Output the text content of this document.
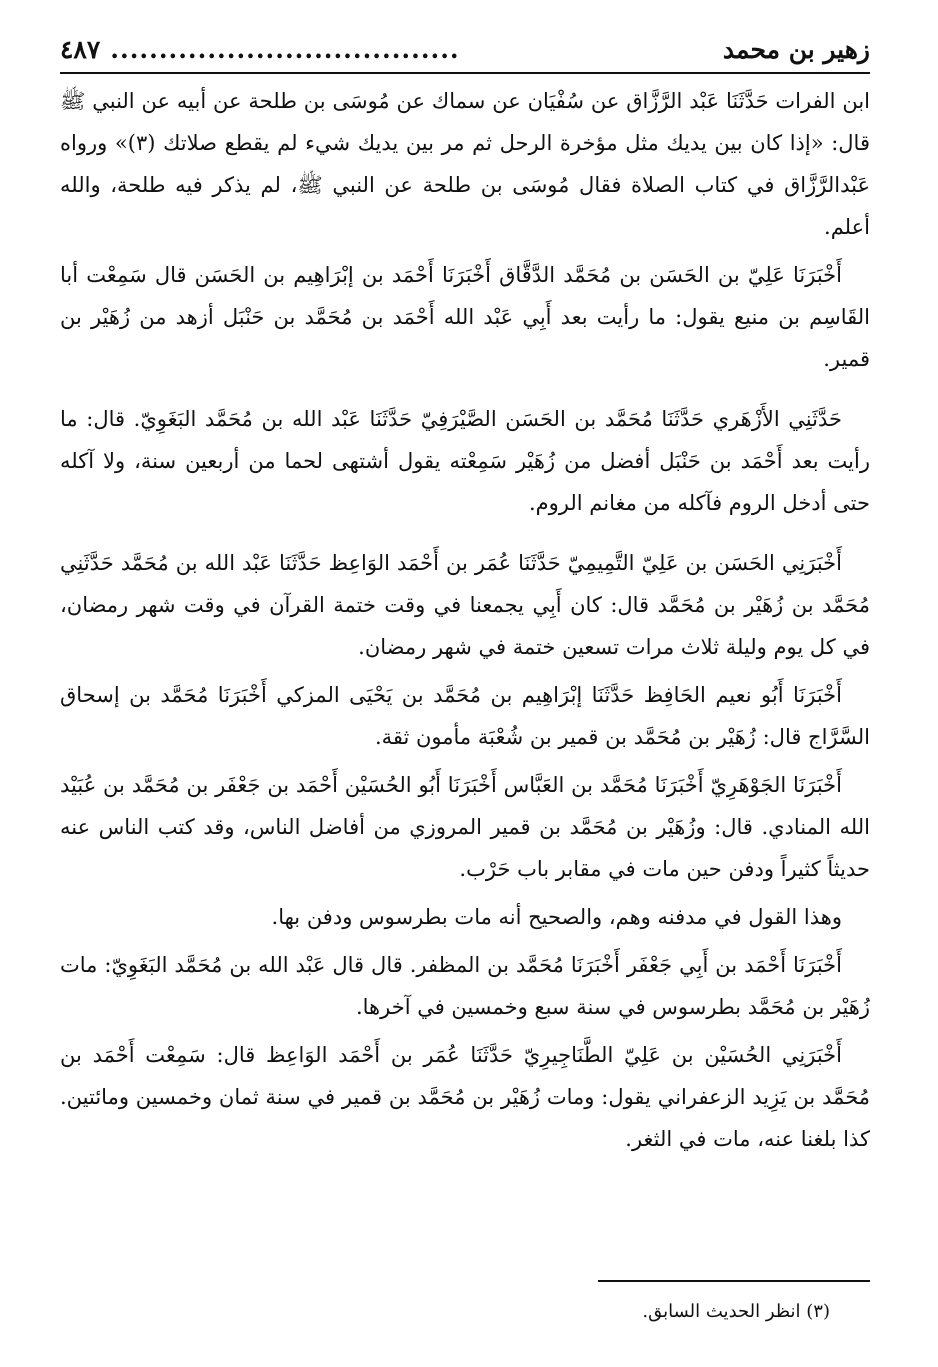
زهير بن محمد
....................................
٤٨٧

ابن الفرات حَدَّثَنَا عَبْد الرَّزَّاق عن سُفْيَان عن سماك عن مُوسَى بن طلحة عن أبيه عن النبي ﷺ قال: «إذا كان بين يديك مثل مؤخرة الرحل ثم مر بين يديك شيء لم يقطع صلاتك (٣)» ورواه عَبْدالرَّزَّاق في كتاب الصلاة فقال مُوسَى بن طلحة عن النبي ﷺ، لم يذكر فيه طلحة، والله أعلم.

أَخْبَرَنَا عَلِيّ بن الحَسَن بن مُحَمَّد الدَّقَّاق أَخْبَرَنَا أَحْمَد بن إبْرَاهِيم بن الحَسَن قال سَمِعْت أبا القَاسِم بن منيع يقول: ما رأيت بعد أَبِي عَبْد الله أَحْمَد بن مُحَمَّد بن حَنْبَل أزهد من زُهَيْر بن قمير.

حَدَّثَنِي الأَزْهَري حَدَّثَنَا مُحَمَّد بن الحَسَن الصَّيْرَفِيّ حَدَّثَنَا عَبْد الله بن مُحَمَّد البَغَوِيّ. قال: ما رأيت بعد أَحْمَد بن حَنْبَل أفضل من زُهَيْر سَمِعْته يقول أشتهى لحما من أربعين سنة، ولا آكله حتى أدخل الروم فآكله من مغانم الروم.

أَخْبَرَنِي الحَسَن بن عَلِيّ التَّمِيمِيّ حَدَّثَنَا عُمَر بن أَحْمَد الوَاعِظ حَدَّثَنَا عَبْد الله بن مُحَمَّد حَدَّثَنِي مُحَمَّد بن زُهَيْر بن مُحَمَّد قال: كان أَبِي يجمعنا في وقت ختمة القرآن في وقت شهر رمضان، في كل يوم وليلة ثلاث مرات تسعين ختمة في شهر رمضان.

أَخْبَرَنَا أَبُو نعيم الحَافِظ حَدَّثَنَا إبْرَاهِيم بن مُحَمَّد بن يَحْيَى المزكي أَخْبَرَنَا مُحَمَّد بن إسحاق السَّرَّاج قال: زُهَيْر بن مُحَمَّد بن قمير بن شُعْبَة مأمون ثقة.

أَخْبَرَنَا الجَوْهَرِيّ أَخْبَرَنَا مُحَمَّد بن العَبَّاس أَخْبَرَنَا أَبُو الحُسَيْن أَحْمَد بن جَعْفَر بن مُحَمَّد بن عُبَيْد الله المنادي. قال: وزُهَيْر بن مُحَمَّد بن قمير المروزي من أفاضل الناس، وقد كتب الناس عنه حديثاً كثيراً ودفن حين مات في مقابر باب حَرْب.

وهذا القول في مدفنه وهم، والصحيح أنه مات بطرسوس ودفن بها.

أَخْبَرَنَا أَحْمَد بن أَبِي جَعْفَر أَخْبَرَنَا مُحَمَّد بن المظفر. قال قال عَبْد الله بن مُحَمَّد البَغَوِيّ: مات زُهَيْر بن مُحَمَّد بطرسوس في سنة سبع وخمسين في آخرها.

أَخْبَرَنِي الحُسَيْن بن عَلِيّ الطَّنَاجِيرِيّ حَدَّثَنَا عُمَر بن أَحْمَد الوَاعِظ قال: سَمِعْت أَحْمَد بن مُحَمَّد بن يَزِيد الزعفراني يقول: ومات زُهَيْر بن مُحَمَّد بن قمير في سنة ثمان وخمسين ومائتين. كذا بلغنا عنه، مات في الثغر.

(٣) انظر الحديث السابق.
